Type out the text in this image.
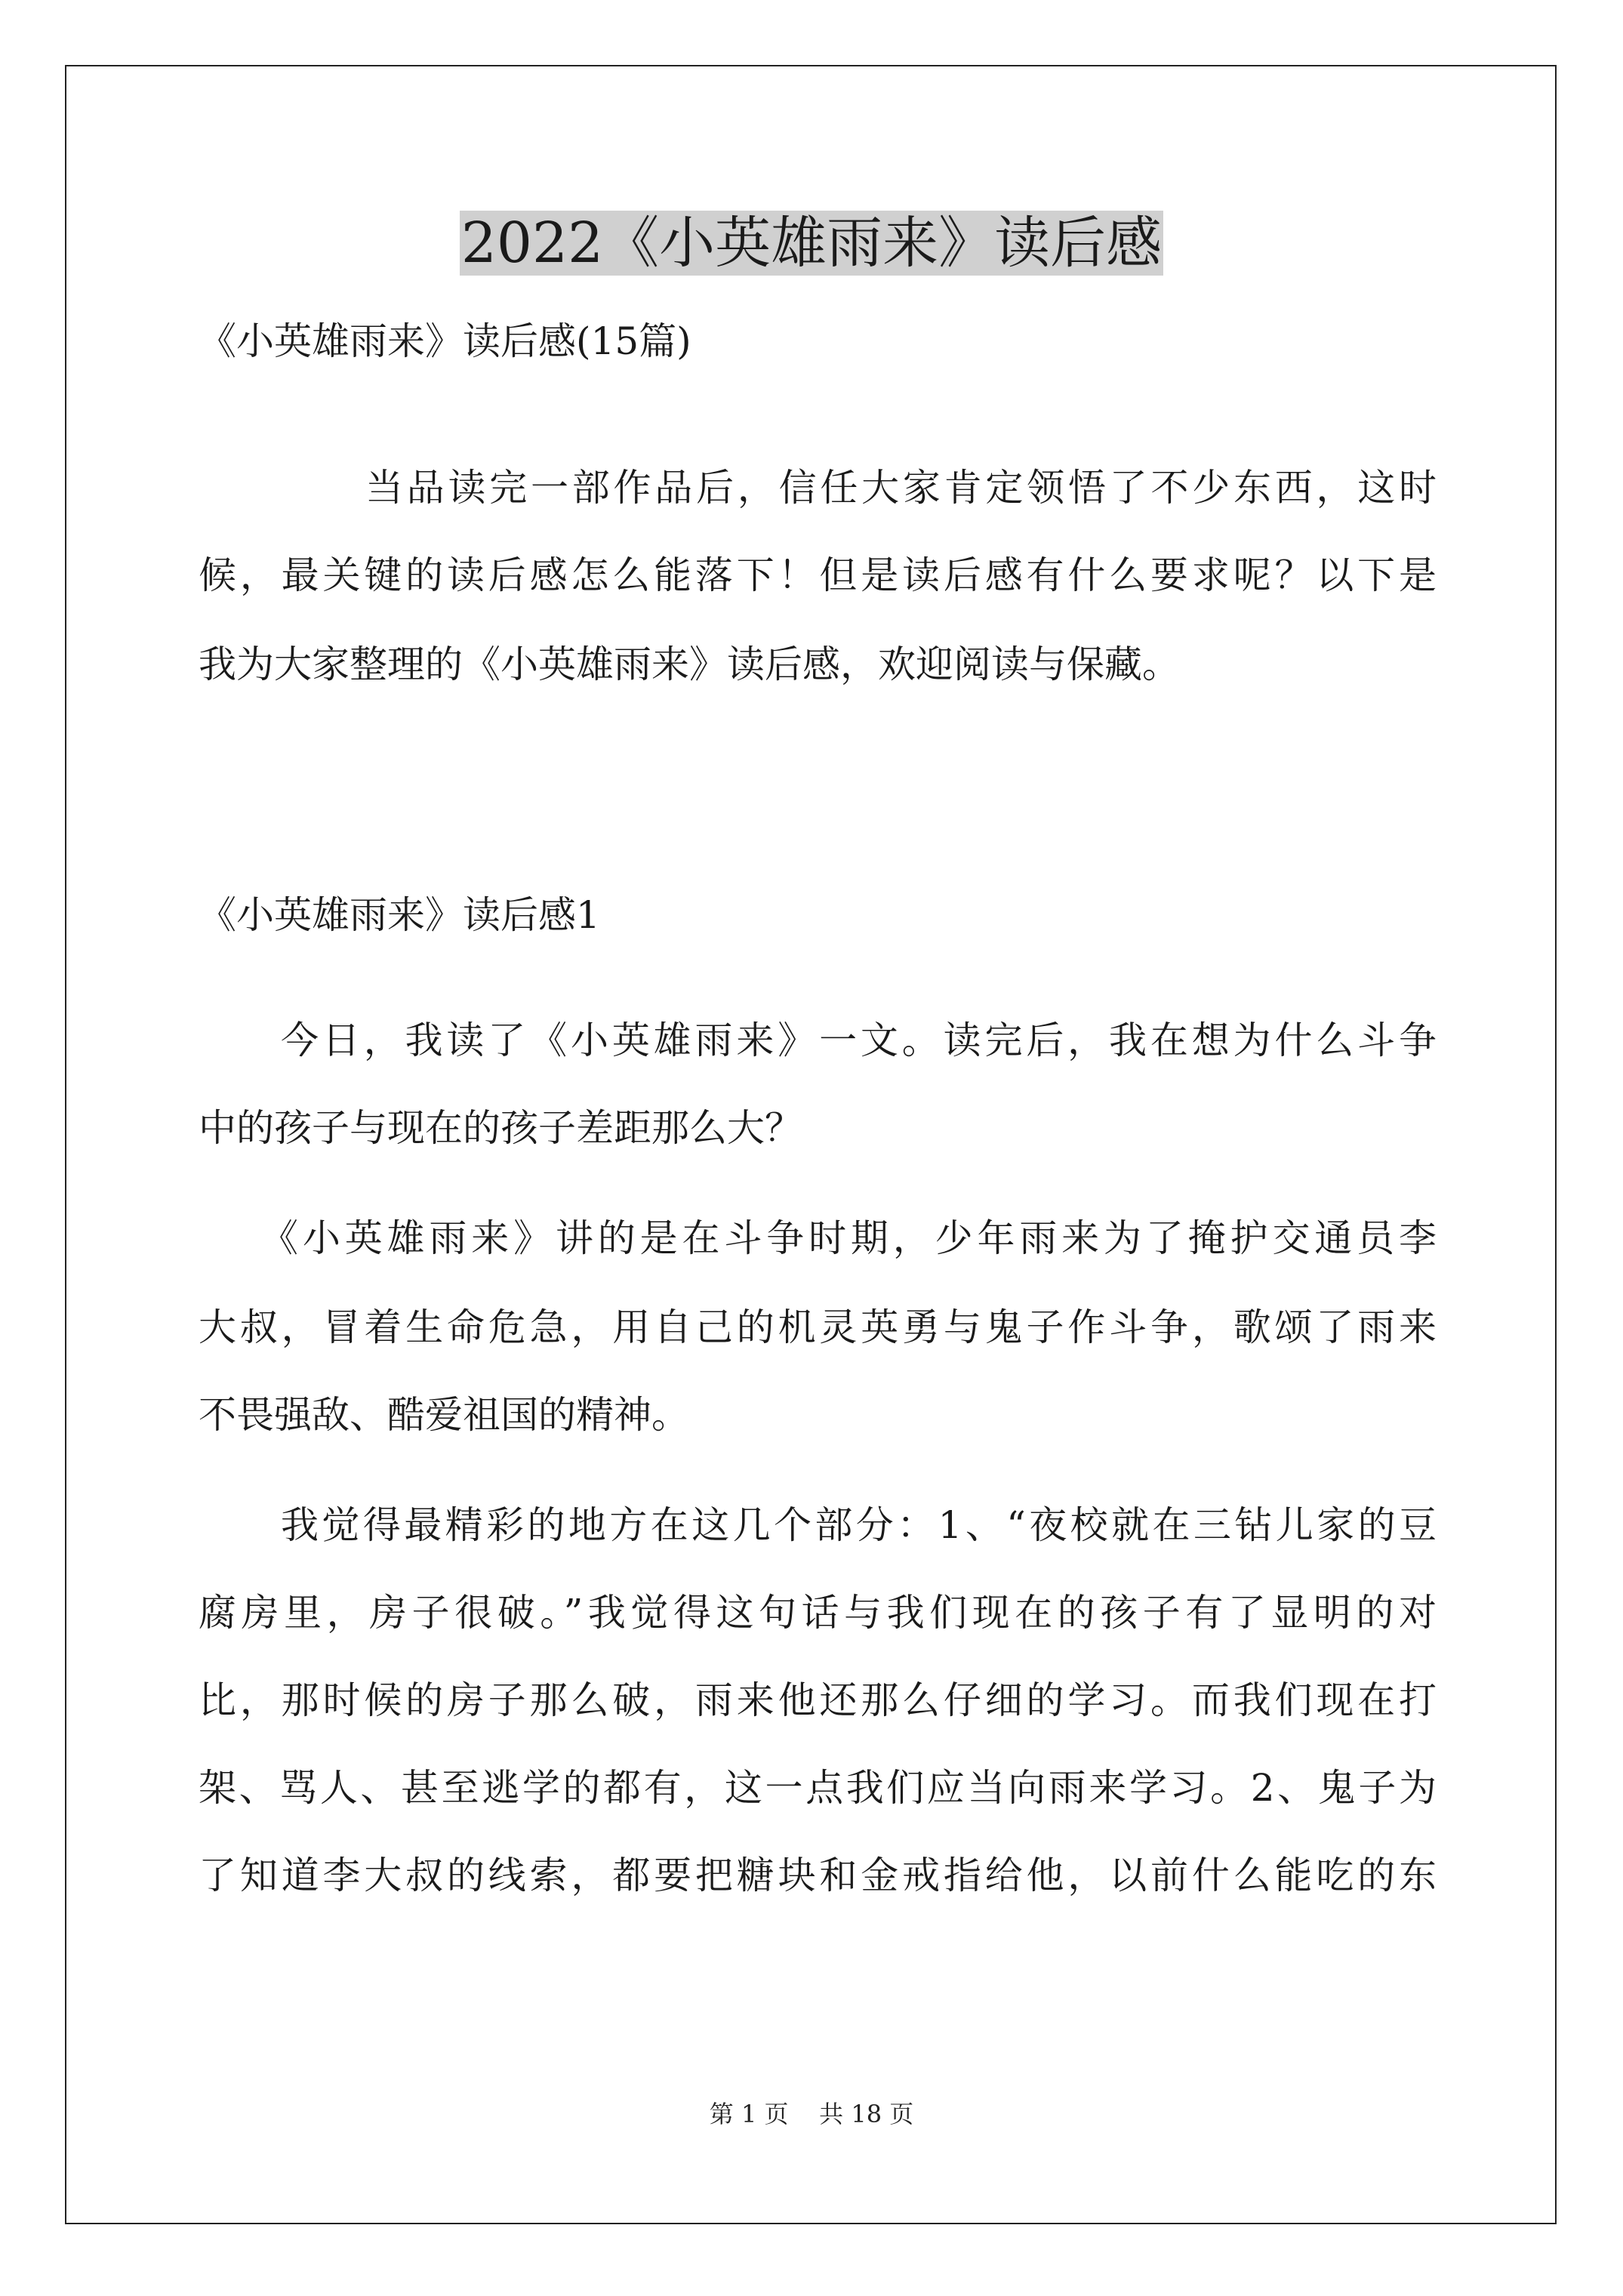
2022《小英雄雨来》读后感
《小英雄雨来》读后感(15篇)
当品读完一部作品后，信任大家肯定领悟了不少东西，这时
候，最关键的读后感怎么能落下！但是读后感有什么要求呢？以下是
我为大家整理的《小英雄雨来》读后感，欢迎阅读与保藏。
《小英雄雨来》读后感1
今日，我读了《小英雄雨来》一文。读完后，我在想为什么斗争
中的孩子与现在的孩子差距那么大？
《小英雄雨来》讲的是在斗争时期，少年雨来为了掩护交通员李
大叔，冒着生命危急，用自己的机灵英勇与鬼子作斗争，歌颂了雨来
不畏强敌、酷爱祖国的精神。
我觉得最精彩的地方在这几个部分：1、“夜校就在三钻儿家的豆
腐房里，房子很破。”我觉得这句话与我们现在的孩子有了显明的对
比，那时候的房子那么破，雨来他还那么仔细的学习。而我们现在打
架、骂人、甚至逃学的都有，这一点我们应当向雨来学习。2、鬼子为
了知道李大叔的线索，都要把糖块和金戒指给他，以前什么能吃的东
第 1 页    共 18 页
